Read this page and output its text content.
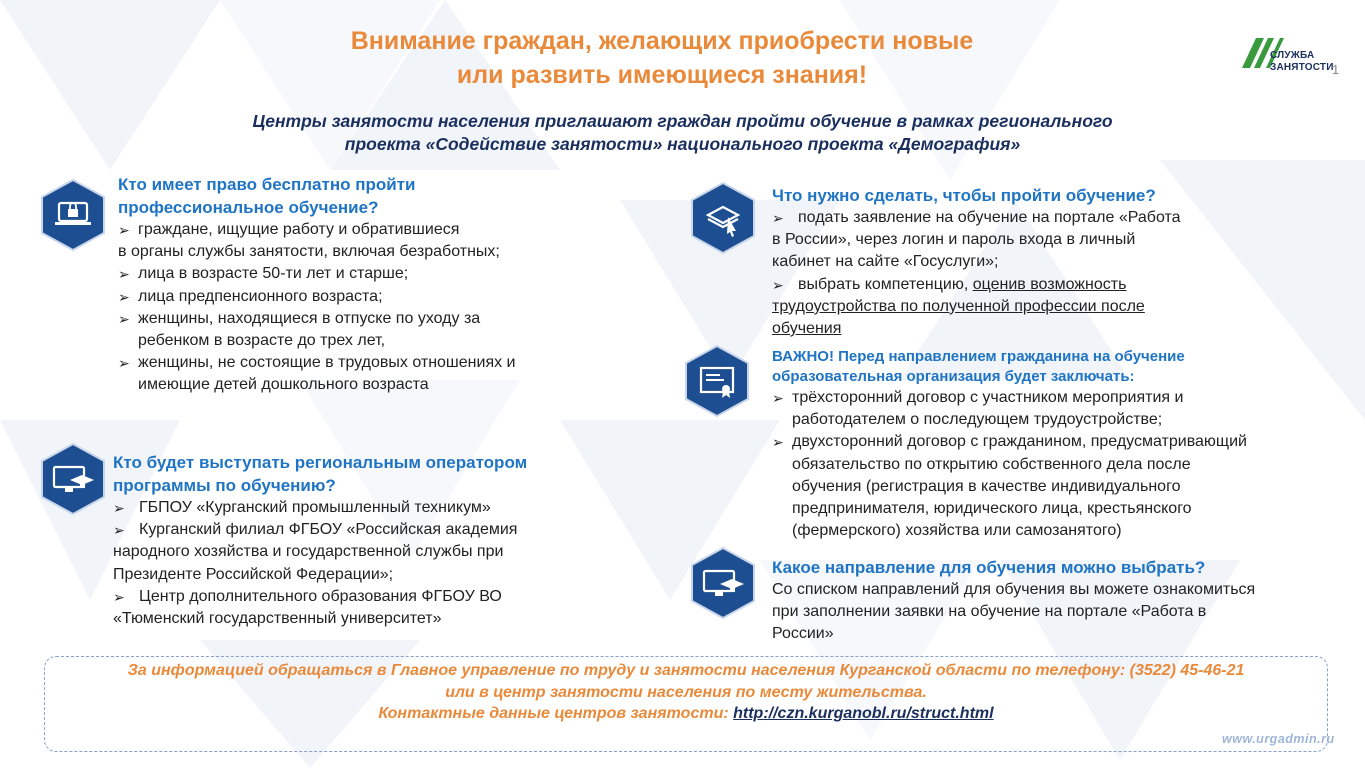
Внимание граждан, желающих приобрести новые
или развить имеющиеся знания!
СЛУЖБА
ЗАНЯТОСТИ
1
Центры занятости населения приглашают граждан пройти обучение в рамках регионального
проекта «Содействие занятости» национального проекта «Демография»
Кто имеет право бесплатно пройти
профессиональное обучение?
➢ граждане, ищущие работу и обратившиеся
в органы службы занятости, включая безработных;
➢ лица в возрасте 50-ти лет и старше;
➢ лица предпенсионного возраста;
➢ женщины, находящиеся в отпуске по уходу за
ребенком в возрасте до трех лет,
➢ женщины, не состоящие в трудовых отношениях и
имеющие детей дошкольного возраста
Кто будет выступать региональным оператором
программы по обучению?
➢ ГБПОУ «Курганский промышленный техникум»
➢ Курганский филиал ФГБОУ «Российская академия
народного хозяйства и государственной службы при
Президенте Российской Федерации»;
➢ Центр дополнительного образования ФГБОУ ВО
«Тюменский государственный университет»
Что нужно сделать, чтобы пройти обучение?
➢ подать заявление на обучение на портале «Работа
в России», через логин и пароль входа в личный
кабинет на сайте «Госуслуги»;
➢ выбрать компетенцию, оценив возможность
трудоустройства по полученной профессии после
обучения
ВАЖНО! Перед направлением гражданина на обучение
образовательная организация будет заключать:
➢ трёхсторонний договор с участником мероприятия и
работодателем о последующем трудоустройстве;
➢ двухсторонний договор с гражданином, предусматривающий
обязательство по открытию собственного дела после
обучения (регистрация в качестве индивидуального
предпринимателя, юридического лица, крестьянского
(фермерского) хозяйства или самозанятого)
Какое направление для обучения можно выбрать?
Со списком направлений для обучения вы можете ознакомиться
при заполнении заявки на обучение на портале «Работа в
России»
За информацией обращаться в Главное управление по труду и занятости населения Курганской области по телефону: (3522) 45-46-21
или в центр занятости населения по месту жительства.
Контактные данные центров занятости: http://czn.kurganobl.ru/struct.html
www.urgadmin.ru
